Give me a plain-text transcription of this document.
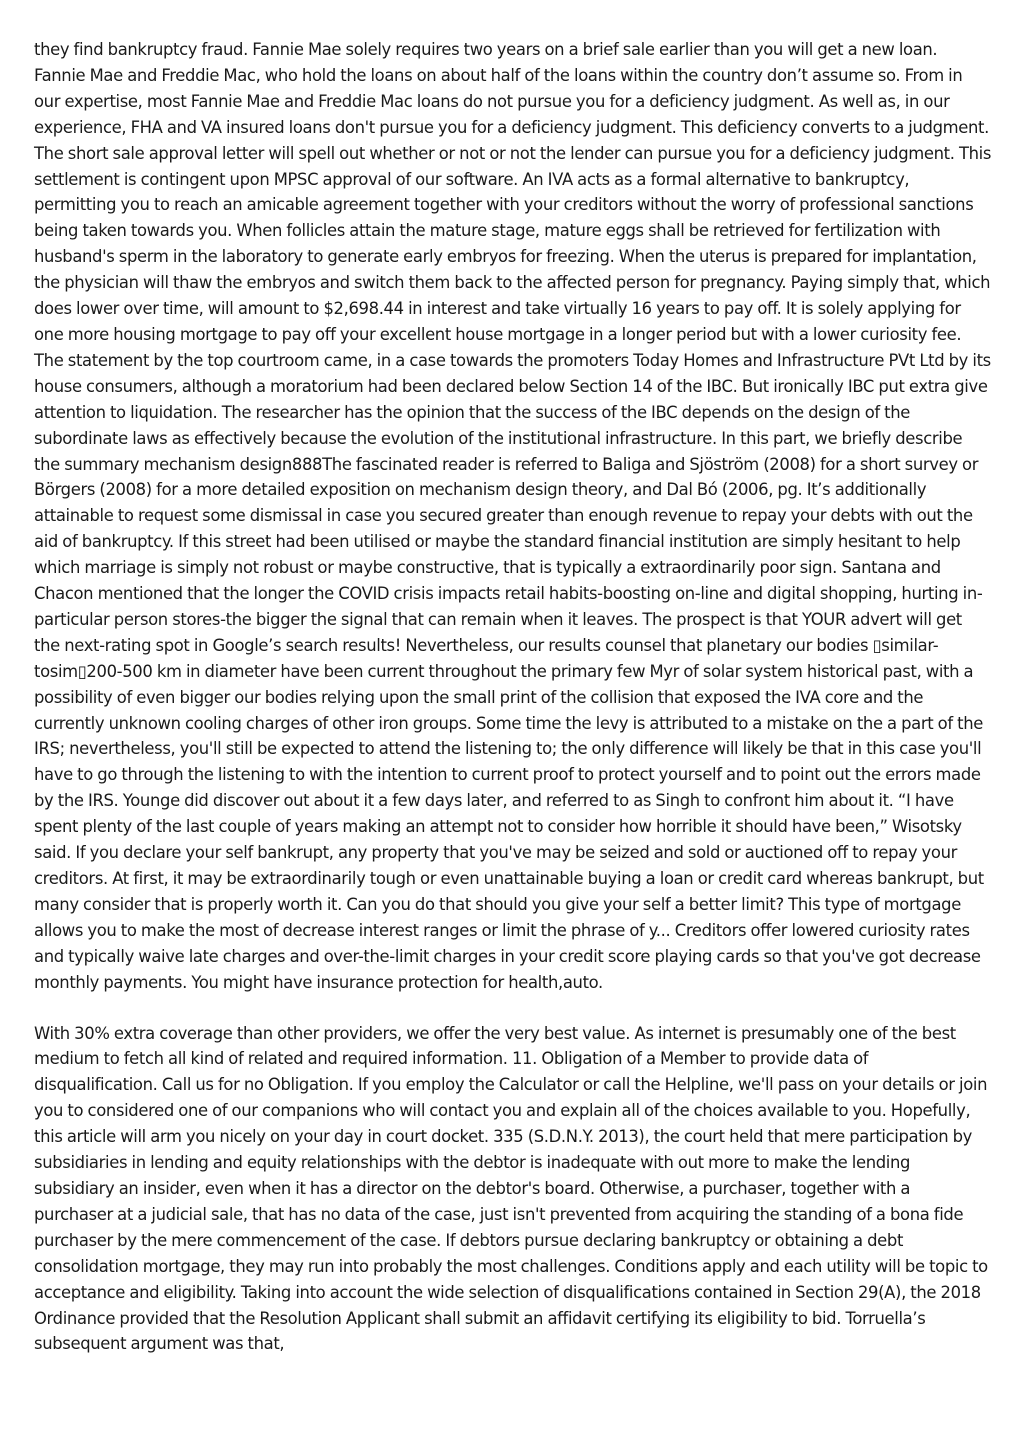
they find bankruptcy fraud. Fannie Mae solely requires two years on a brief sale earlier than you will get a new loan. Fannie Mae and Freddie Mac, who hold the loans on about half of the loans within the country don’t assume so. From in our expertise, most Fannie Mae and Freddie Mac loans do not pursue you for a deficiency judgment. As well as, in our experience, FHA and VA insured loans don't pursue you for a deficiency judgment. This deficiency converts to a judgment. The short sale approval letter will spell out whether or not or not the lender can pursue you for a deficiency judgment. This settlement is contingent upon MPSC approval of our software. An IVA acts as a formal alternative to bankruptcy, permitting you to reach an amicable agreement together with your creditors without the worry of professional sanctions being taken towards you. When follicles attain the mature stage, mature eggs shall be retrieved for fertilization with husband's sperm in the laboratory to generate early embryos for freezing. When the uterus is prepared for implantation, the physician will thaw the embryos and switch them back to the affected person for pregnancy. Paying simply that, which does lower over time, will amount to $2,698.44 in interest and take virtually 16 years to pay off. It is solely applying for one more housing mortgage to pay off your excellent house mortgage in a longer period but with a lower curiosity fee. The statement by the top courtroom came, in a case towards the promoters Today Homes and Infrastructure PVt Ltd by its house consumers, although a moratorium had been declared below Section 14 of the IBC. But ironically IBC put extra give attention to liquidation. The researcher has the opinion that the success of the IBC depends on the design of the subordinate laws as effectively because the evolution of the institutional infrastructure. In this part, we briefly describe the summary mechanism design888The fascinated reader is referred to Baliga and Sjöström (2008) for a short survey or Börgers (2008) for a more detailed exposition on mechanism design theory, and Dal Bó (2006, pg. It’s additionally attainable to request some dismissal in case you secured greater than enough revenue to repay your debts with out the aid of bankruptcy. If this street had been utilised or maybe the standard financial institution are simply hesitant to help which marriage is simply not robust or maybe constructive, that is typically a extraordinarily poor sign. Santana and Chacon mentioned that the longer the COVID crisis impacts retail habits-boosting on-line and digital shopping, hurting in-particular person stores-the bigger the signal that can remain when it leaves. The prospect is that YOUR advert will get the next-rating spot in Google’s search results! Nevertheless, our results counsel that planetary our bodies ▯similar-tosim▯200-500 km in diameter have been current throughout the primary few Myr of solar system historical past, with a possibility of even bigger our bodies relying upon the small print of the collision that exposed the IVA core and the currently unknown cooling charges of other iron groups. Some time the levy is attributed to a mistake on the a part of the IRS; nevertheless, you'll still be expected to attend the listening to; the only difference will likely be that in this case you'll have to go through the listening to with the intention to current proof to protect yourself and to point out the errors made by the IRS. Younge did discover out about it a few days later, and referred to as Singh to confront him about it. “I have spent plenty of the last couple of years making an attempt not to consider how horrible it should have been,” Wisotsky said. If you declare your self bankrupt, any property that you've may be seized and sold or auctioned off to repay your creditors. At first, it may be extraordinarily tough or even unattainable buying a loan or credit card whereas bankrupt, but many consider that is properly worth it. Can you do that should you give your self a better limit? This type of mortgage allows you to make the most of decrease interest ranges or limit the phrase of y... Creditors offer lowered curiosity rates and typically waive late charges and over-the-limit charges in your credit score playing cards so that you've got decrease monthly payments. You might have insurance protection for health,auto.

With 30% extra coverage than other providers, we offer the very best value. As internet is presumably one of the best medium to fetch all kind of related and required information. 11. Obligation of a Member to provide data of disqualification. Call us for no Obligation. If you employ the Calculator or call the Helpline, we'll pass on your details or join you to considered one of our companions who will contact you and explain all of the choices available to you. Hopefully, this article will arm you nicely on your day in court docket. 335 (S.D.N.Y. 2013), the court held that mere participation by subsidiaries in lending and equity relationships with the debtor is inadequate with out more to make the lending subsidiary an insider, even when it has a director on the debtor's board. Otherwise, a purchaser, together with a purchaser at a judicial sale, that has no data of the case, just isn't prevented from acquiring the standing of a bona fide purchaser by the mere commencement of the case. If debtors pursue declaring bankruptcy or obtaining a debt consolidation mortgage, they may run into probably the most challenges. Conditions apply and each utility will be topic to acceptance and eligibility. Taking into account the wide selection of disqualifications contained in Section 29(A), the 2018 Ordinance provided that the Resolution Applicant shall submit an affidavit certifying its eligibility to bid. Torruella’s subsequent argument was that,
